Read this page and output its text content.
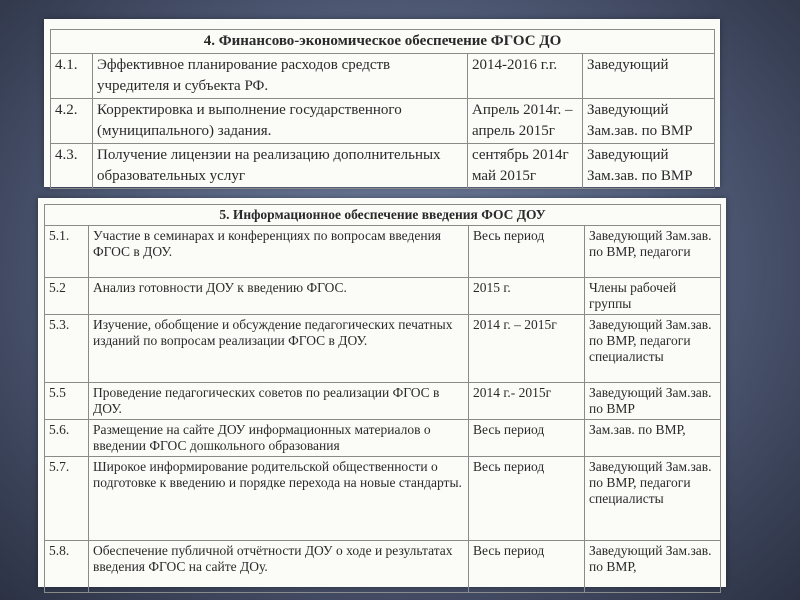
4. Финансово-экономическое обеспечение ФГОС ДО			
4.1.	Эффективное планирование расходов средств учредителя и субъекта РФ.	2014-2016 г.г.	Заведующий
4.2.	Корректировка и выполнение государственного (муниципального) задания.	Апрель 2014г. – апрель 2015г	Заведующий Зам.зав. по ВМР
4.3.	Получение лицензии на реализацию дополнительных образовательных услуг	сентябрь 2014г май 2015г	Заведующий Зам.зав. по ВМР
5. Информационное обеспечение введения ФОС ДОУ			
5.1.	Участие в семинарах и конференциях по вопросам введения ФГОС в ДОУ.	Весь период	Заведующий Зам.зав. по ВМР, педагоги
5.2	Анализ готовности ДОУ к введению ФГОС.	2015 г.	Члены рабочей группы
5.3.	Изучение, обобщение и обсуждение педагогических печатных изданий по вопросам реализации ФГОС в ДОУ.	2014 г. – 2015г	Заведующий Зам.зав. по ВМР, педагоги специалисты
5.5	Проведение педагогических советов по реализации ФГОС в ДОУ.	2014 г.- 2015г	Заведующий Зам.зав. по ВМР
5.6.	Размещение на сайте ДОУ информационных материалов о введении ФГОС дошкольного образования	Весь период	Зам.зав. по ВМР,
5.7.	Широкое информирование родительской общественности о подготовке к введению и порядке перехода на новые стандарты.	Весь период	Заведующий Зам.зав. по ВМР, педагоги специалисты
5.8.	Обеспечение публичной отчётности ДОУ о ходе и результатах введения ФГОС на сайте ДОу.	Весь период	Заведующий Зам.зав. по ВМР,
